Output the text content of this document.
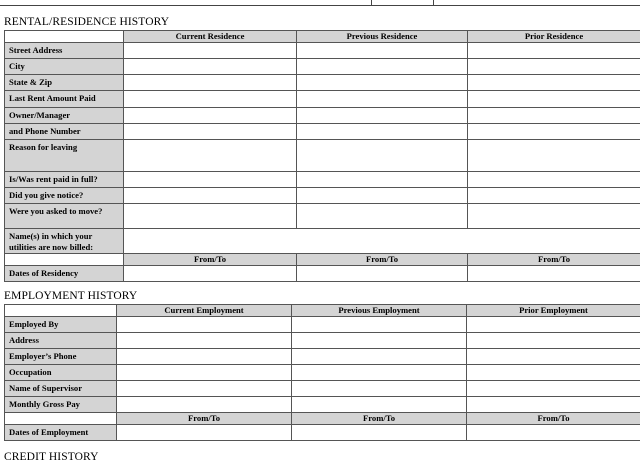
RENTAL/RESIDENCE HISTORY
	Current Residence	Previous Residence	Prior Residence
Street Address			
City			
State & Zip			
Last Rent Amount Paid			
Owner/Manager			
and Phone Number			
Reason for leaving			
Is/Was rent paid in full?			
Did you give notice?			
Were you asked to move?			
Name(s) in which your utilities are now billed:			
	From/To	From/To	From/To
Dates of Residency			
EMPLOYMENT HISTORY
	Current Employment	Previous Employment	Prior Employment
Employed By			
Address			
Employer’s Phone			
Occupation			
Name of Supervisor			
Monthly Gross Pay			
	From/To	From/To	From/To
Dates of Employment			
CREDIT HISTORY
